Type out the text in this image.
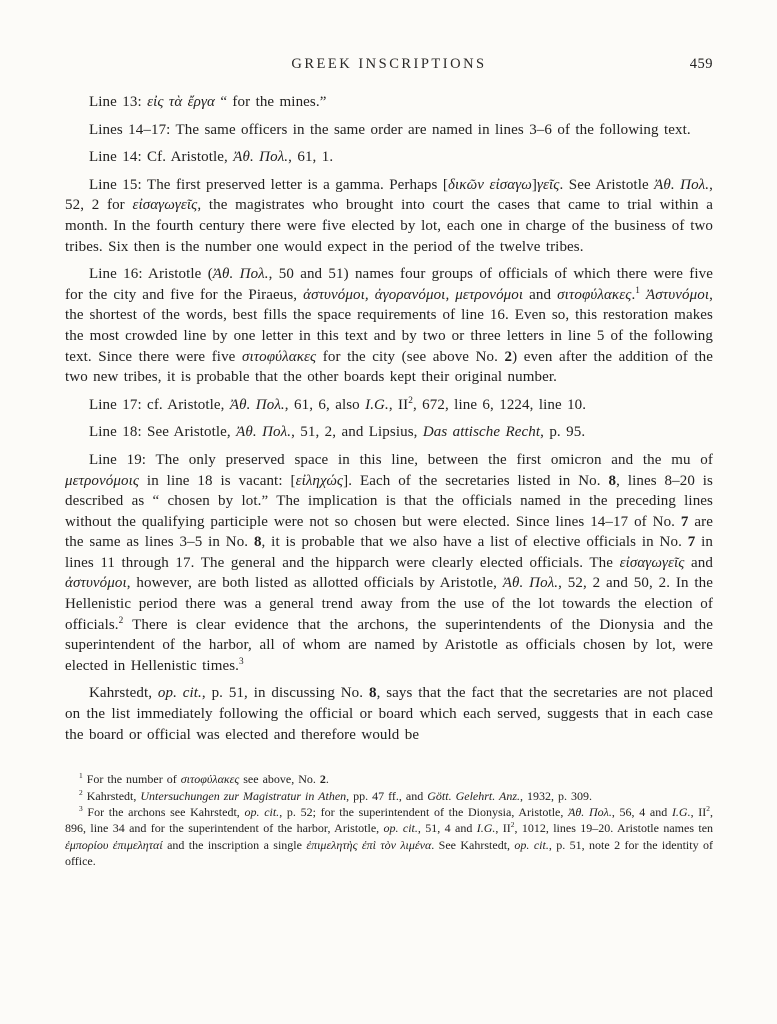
GREEK INSCRIPTIONS	459

Line 13: εἰς τὰ ἔργα “ for the mines.”

Lines 14–17: The same officers in the same order are named in lines 3–6 of the following text.

Line 14: Cf. Aristotle, Ἀθ. Πολ., 61, 1.

Line 15: The first preserved letter is a gamma. Perhaps [δικῶν εἰσαγω]γεῖς. See Aristotle Ἀθ. Πολ., 52, 2 for εἰσαγωγεῖς, the magistrates who brought into court the cases that came to trial within a month. In the fourth century there were five elected by lot, each one in charge of the business of two tribes. Six then is the number one would expect in the period of the twelve tribes.

Line 16: Aristotle (Ἀθ. Πολ., 50 and 51) names four groups of officials of which there were five for the city and five for the Piraeus, ἀστυνόμοι, ἀγορανόμοι, μετρονόμοι and σιτοφύλακες.$^1$ Ἀστυνόμοι, the shortest of the words, best fills the space requirements of line 16. Even so, this restoration makes the most crowded line by one letter in this text and by two or three letters in line 5 of the following text. Since there were five σιτοφύλακες for the city (see above No. 2) even after the addition of the two new tribes, it is probable that the other boards kept their original number.

Line 17: cf. Aristotle, Ἀθ. Πολ., 61, 6, also I.G., $II^2$, 672, line 6, 1224, line 10.

Line 18: See Aristotle, Ἀθ. Πολ., 51, 2, and Lipsius, Das attische Recht, p. 95.

Line 19: The only preserved space in this line, between the first omicron and the mu of μετρονόμοις in line 18 is vacant: [εἰληχώς]. Each of the secretaries listed in No. 8, lines 8–20 is described as “ chosen by lot.” The implication is that the officials named in the preceding lines without the qualifying participle were not so chosen but were elected. Since lines 14–17 of No. 7 are the same as lines 3–5 in No. 8, it is probable that we also have a list of elective officials in No. 7 in lines 11 through 17. The general and the hipparch were clearly elected officials. The εἰσαγωγεῖς and ἀστυνόμοι, however, are both listed as allotted officials by Aristotle, Ἀθ. Πολ., 52, 2 and 50, 2. In the Hellenistic period there was a general trend away from the use of the lot towards the election of officials.$^2$ There is clear evidence that the archons, the superintendents of the Dionysia and the superintendent of the harbor, all of whom are named by Aristotle as officials chosen by lot, were elected in Hellenistic times.$^3$

Kahrstedt, op. cit., p. 51, in discussing No. 8, says that the fact that the secretaries are not placed on the list immediately following the official or board which each served, suggests that in each case the board or official was elected and therefore would be

$^1$ For the number of σιτοφύλακες see above, No. 2.

$^2$ Kahrstedt, Untersuchungen zur Magistratur in Athen, pp. 47 ff., and Gött. Gelehrt. Anz., 1932, p. 309.

$^3$ For the archons see Kahrstedt, op. cit., p. 52; for the superintendent of the Dionysia, Aristotle, Ἀθ. Πολ., 56, 4 and I.G., $II^2$, 896, line 34 and for the superintendent of the harbor, Aristotle, op. cit., 51, 4 and I.G., $II^2$, 1012, lines 19–20. Aristotle names ten ἐμπορίου ἐπιμεληταί and the inscription a single ἐπιμελητὴς ἐπὶ τὸν λιμένα. See Kahrstedt, op. cit., p. 51, note 2 for the identity of office.
